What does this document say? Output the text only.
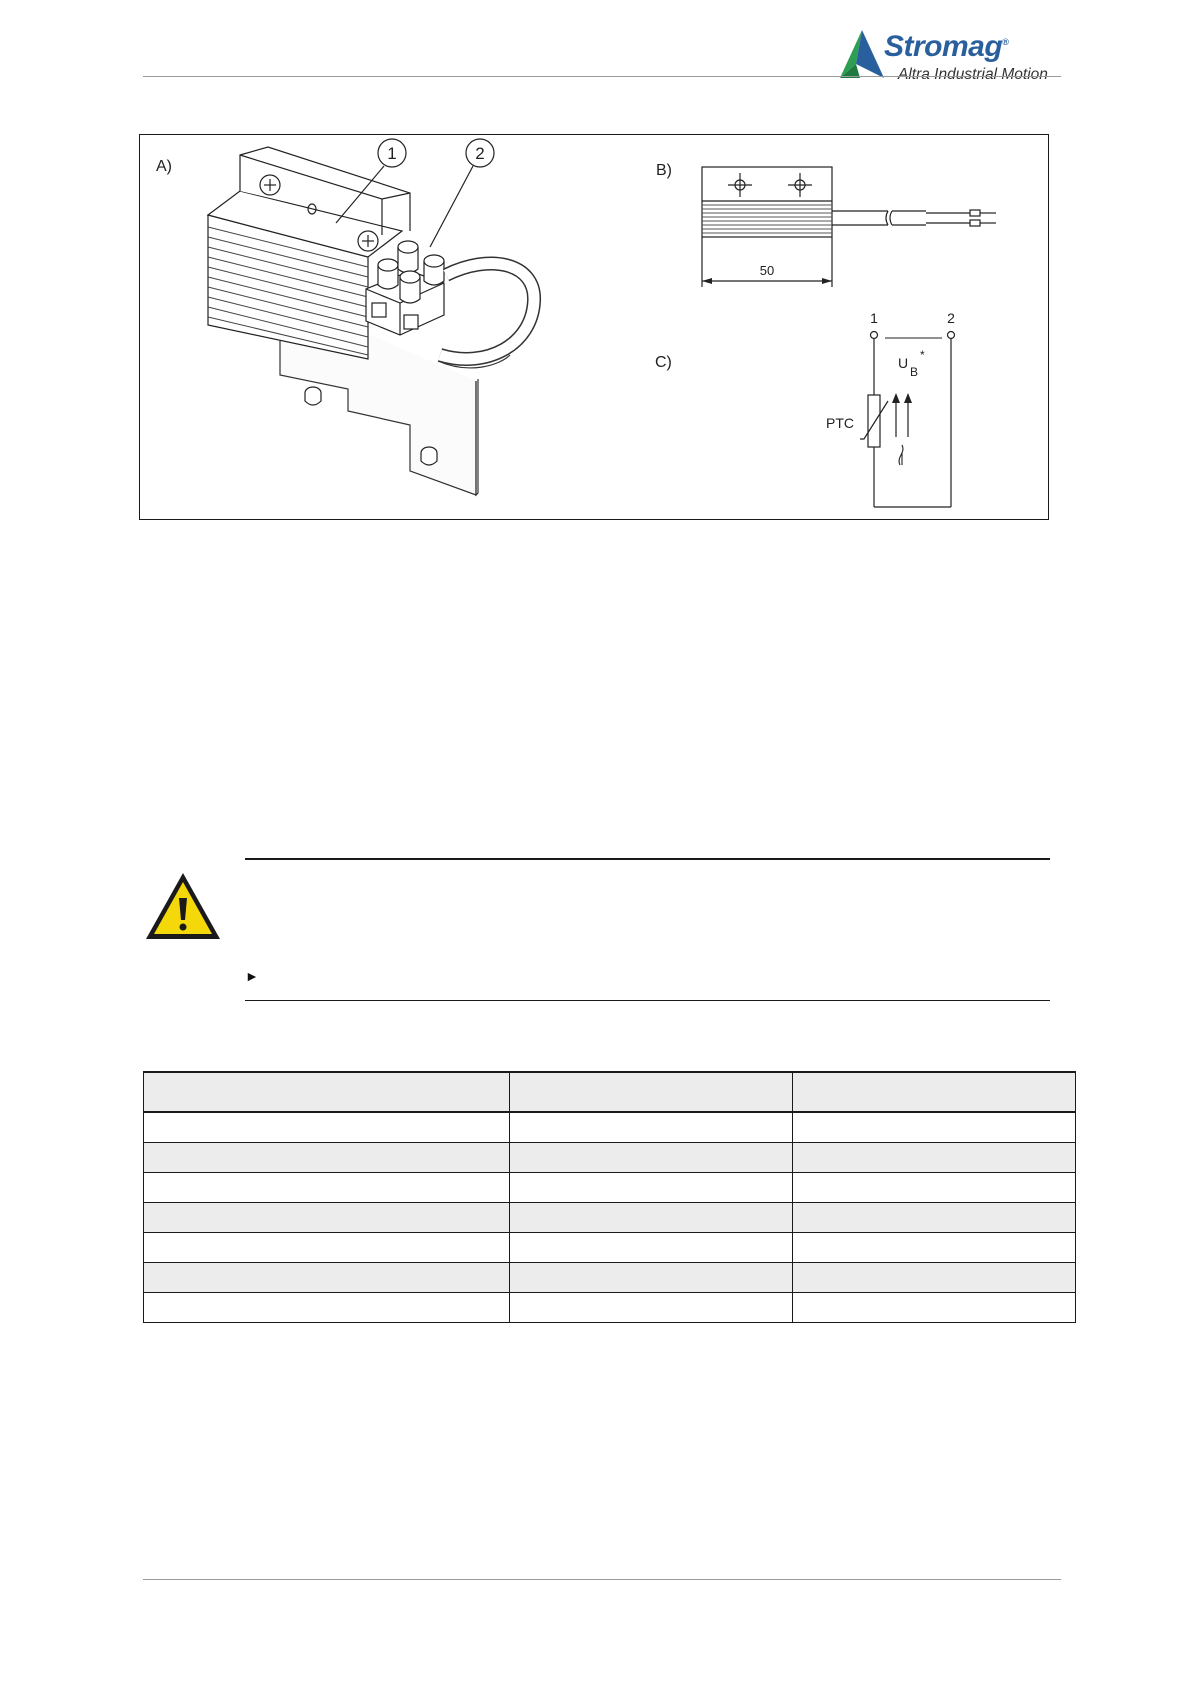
Stromag®
Altra Industrial Motion
A)
1	2
B)
50
C)
1	2
U
B
*
PTC
►
